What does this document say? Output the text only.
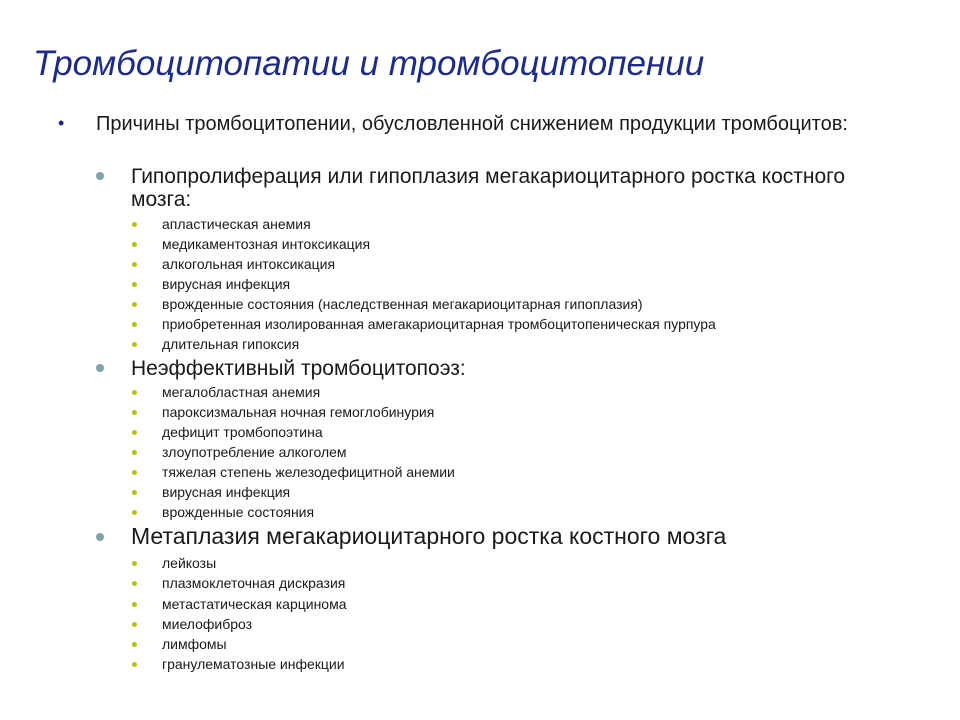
Тромбоцитопатии и тромбоцитопении
• Причины тромбоцитопении, обусловленной снижением продукции тромбоцитов:
Гипопролиферация или гипоплазия мегакариоцитарного ростка костного мозга:
апластическая анемия
медикаментозная интоксикация
алкогольная интоксикация
вирусная инфекция
врожденные состояния (наследственная мегакариоцитарная гипоплазия)
приобретенная изолированная амегакариоцитарная тромбоцитопеническая пурпура
длительная гипоксия
Неэффективный тромбоцитопоэз:
мегалобластная анемия
пароксизмальная ночная гемоглобинурия
дефицит тромбопоэтина
злоупотребление алкоголем
тяжелая степень железодефицитной анемии
вирусная инфекция
врожденные состояния
Метаплазия мегакариоцитарного ростка костного мозга
лейкозы
плазмоклеточная дискразия
метастатическая карцинома
миелофиброз
лимфомы
гранулематозные инфекции
